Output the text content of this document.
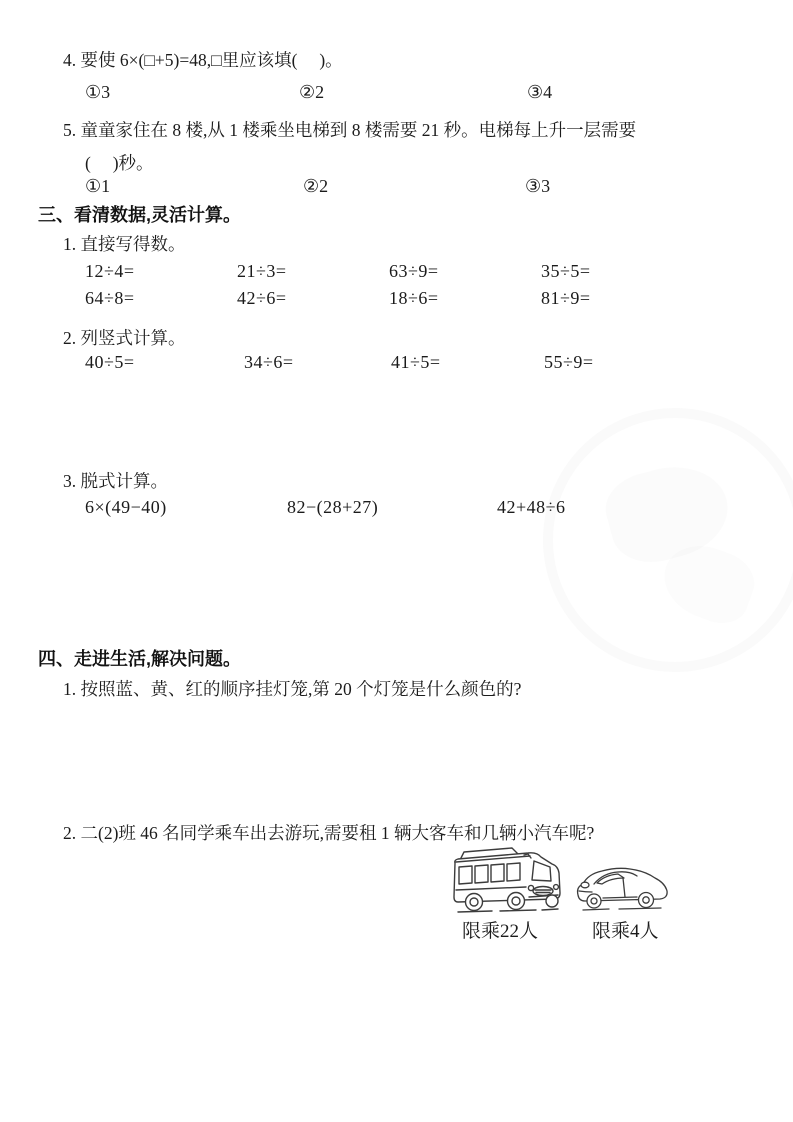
4. 要使 6×(□+5)=48,□里应该填(     )。
①3	②2	③4
5. 童童家住在 8 楼,从 1 楼乘坐电梯到 8 楼需要 21 秒。电梯每上升一层需要
(     )秒。
①1	②2	③3
三、看清数据,灵活计算。
1. 直接写得数。
12÷4=	21÷3=	63÷9=	35÷5=
64÷8=	42÷6=	18÷6=	81÷9=
2. 列竖式计算。
40÷5=	34÷6=	41÷5=	55÷9=
3. 脱式计算。
6×(49−40)	82−(28+27)	42+48÷6
四、走进生活,解决问题。
1. 按照蓝、黄、红的顺序挂灯笼,第 20 个灯笼是什么颜色的?
2. 二(2)班 46 名同学乘车出去游玩,需要租 1 辆大客车和几辆小汽车呢?
限乘22人	限乘4人
